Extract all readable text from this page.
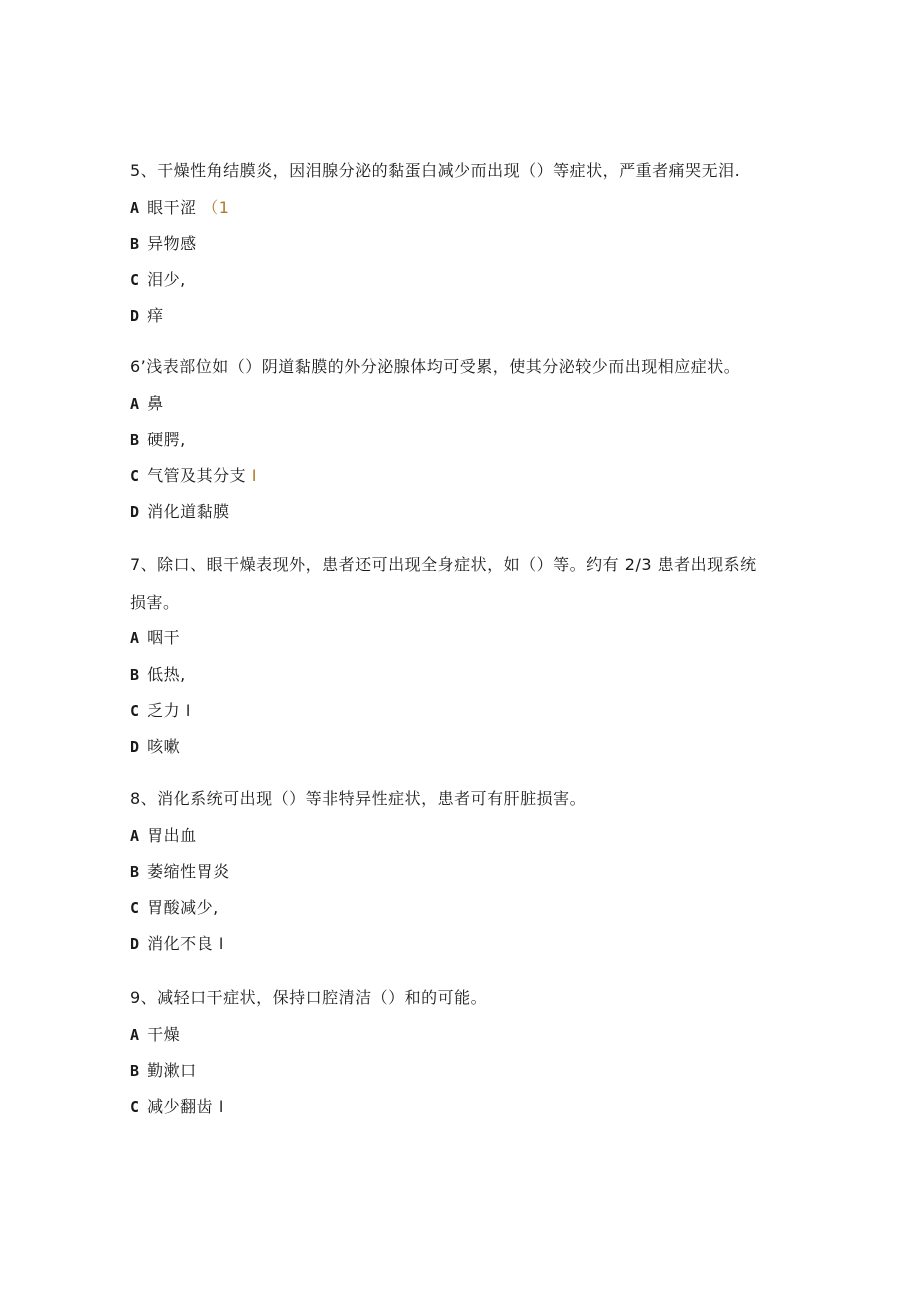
5、干燥性角结膜炎，因泪腺分泌的黏蛋白减少而出现（）等症状，严重者痛哭无泪.
A 眼干涩 （1
B 异物感
C 泪少,
D 痒
6’浅表部位如（）阴道黏膜的外分泌腺体均可受累，使其分泌较少而出现相应症状。
A 鼻
B 硬腭,
C 气管及其分支 I
D 消化道黏膜
7、除口、眼干燥表现外，患者还可出现全身症状，如（）等。约有 2/3 患者出现系统
损害。
A 咽干
B 低热,
C 乏力 I
D 咳嗽
8、消化系统可出现（）等非特异性症状，患者可有肝脏损害。
A 胃出血
B 萎缩性胃炎
C 胃酸减少,
D 消化不良 I
9、减轻口干症状，保持口腔清洁（）和的可能。
A 干燥
B 勤漱口
C 减少翻齿 I
